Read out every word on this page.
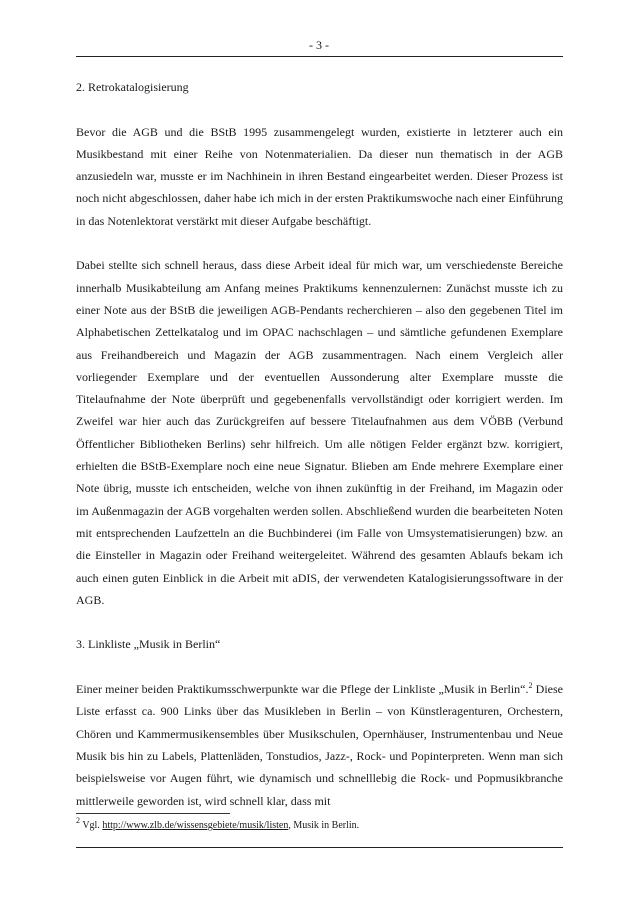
- 3 -
2. Retrokatalogisierung

Bevor die AGB und die BStB 1995 zusammengelegt wurden, existierte in letzterer auch ein Musikbestand mit einer Reihe von Notenmaterialien. Da dieser nun thematisch in der AGB anzusiedeln war, musste er im Nachhinein in ihren Bestand eingearbeitet werden. Dieser Prozess ist noch nicht abgeschlossen, daher habe ich mich in der ersten Praktikumswoche nach einer Einführung in das Notenlektorat verstärkt mit dieser Aufgabe beschäftigt.

Dabei stellte sich schnell heraus, dass diese Arbeit ideal für mich war, um verschiedenste Bereiche innerhalb Musikabteilung am Anfang meines Praktikums kennenzulernen: Zunächst musste ich zu einer Note aus der BStB die jeweiligen AGB-Pendants recherchieren – also den gegebenen Titel im Alphabetischen Zettelkatalog und im OPAC nachschlagen – und sämtliche gefundenen Exemplare aus Freihandbereich und Magazin der AGB zusammentragen. Nach einem Vergleich aller vorliegender Exemplare und der eventuellen Aussonderung alter Exemplare musste die Titelaufnahme der Note überprüft und gegebenenfalls vervollständigt oder korrigiert werden. Im Zweifel war hier auch das Zurückgreifen auf bessere Titelaufnahmen aus dem VÖBB (Verbund Öffentlicher Bibliotheken Berlins) sehr hilfreich. Um alle nötigen Felder ergänzt bzw. korrigiert, erhielten die BStB-Exemplare noch eine neue Signatur. Blieben am Ende mehrere Exemplare einer Note übrig, musste ich entscheiden, welche von ihnen zukünftig in der Freihand, im Magazin oder im Außenmagazin der AGB vorgehalten werden sollen. Abschließend wurden die bearbeiteten Noten mit entsprechenden Laufzetteln an die Buchbinderei (im Falle von Umsystematisierungen) bzw. an die Einsteller in Magazin oder Freihand weitergeleitet. Während des gesamten Ablaufs bekam ich auch einen guten Einblick in die Arbeit mit aDIS, der verwendeten Katalogisierungssoftware in der AGB.

3. Linkliste „Musik in Berlin“

Einer meiner beiden Praktikumsschwerpunkte war die Pflege der Linkliste „Musik in Berlin“.$^2$ Diese Liste erfasst ca. 900 Links über das Musikleben in Berlin – von Künstleragenturen, Orchestern, Chören und Kammermusikensembles über Musikschulen, Opernhäuser, Instrumentenbau und Neue Musik bis hin zu Labels, Plattenläden, Tonstudios, Jazz-, Rock- und Popinterpreten. Wenn man sich beispielsweise vor Augen führt, wie dynamisch und schnelllebig die Rock- und Popmusikbranche mittlerweile geworden ist, wird schnell klar, dass mit

$^2$ Vgl. http://www.zlb.de/wissensgebiete/musik/listen, Musik in Berlin.
